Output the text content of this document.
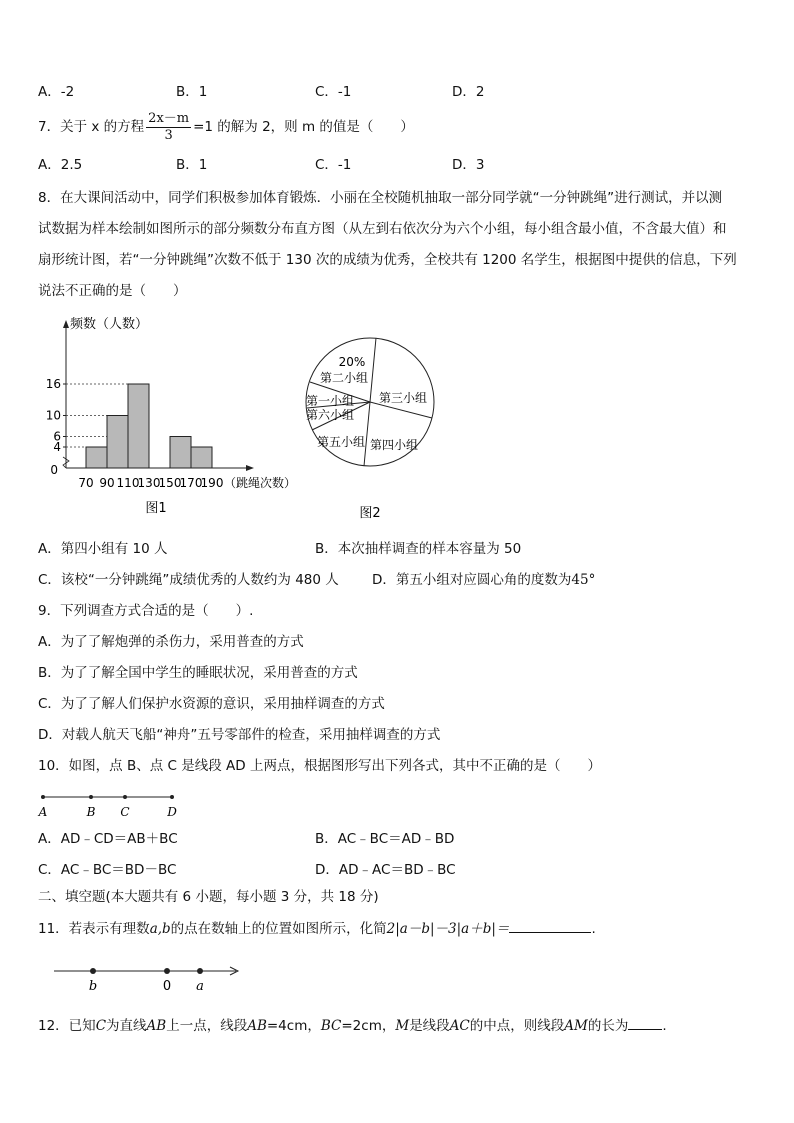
A．-2	B．1	C．-1	D．2
7．关于 x 的方程 $\frac{2x-m}{3} =1$ 的解为 2，则 m 的值是（　　）
A．2.5	B．1	C．-1	D．3
8．在大课间活动中，同学们积极参加体育锻炼．小丽在全校随机抽取一部分同学就“一分钟跳绳”进行测试，并以测
试数据为样本绘制如图所示的部分频数分布直方图（从左到右依次分为六个小组，每小组含最小值，不含最大值）和
扇形统计图，若“一分钟跳绳”次数不低于 130 次的成绩为优秀，全校共有 1200 名学生，根据图中提供的信息，下列
说法不正确的是（　　）
0
频数（人数）
（跳绳次数）
4
6
10
16
70 90 110
130
150
170
190
图1
20%
第二小组
第一小组
第六小组
第三小组
第五小组 第四小组
图2
A．第四小组有 10 人	B．本次抽样调查的样本容量为 50
C．该校“一分钟跳绳”成绩优秀的人数约为 480 人 D．第五小组对应圆心角的度数为45°
9．下列调查方式合适的是（　　）.
A．为了了解炮弹的杀伤力，采用普查的方式
B．为了了解全国中学生的睡眠状况，采用普查的方式
C．为了了解人们保护水资源的意识，采用抽样调查的方式
D．对载人航天飞船“神舟”五号零部件的检查，采用抽样调查的方式
10．如图，点 B、点 C 是线段 AD 上两点，根据图形写出下列各式，其中不正确的是（　　）
A	B C	D
A．AD﹣CD＝AB＋BC	B．AC﹣BC＝AD﹣BD
C．AC﹣BC＝BD－BC	D．AD﹣AC＝BD﹣BC
二、填空题(本大题共有 6 小题，每小题 3 分，共 18 分)
11．若表示有理数a,b的点在数轴上的位置如图所示，化简2|a－b|－3|a＋b|＝	.
b	0 a
12．已知C为直线AB上一点，线段AB=4cm，BC=2cm，M是线段AC的中点，则线段AM的长为	.
